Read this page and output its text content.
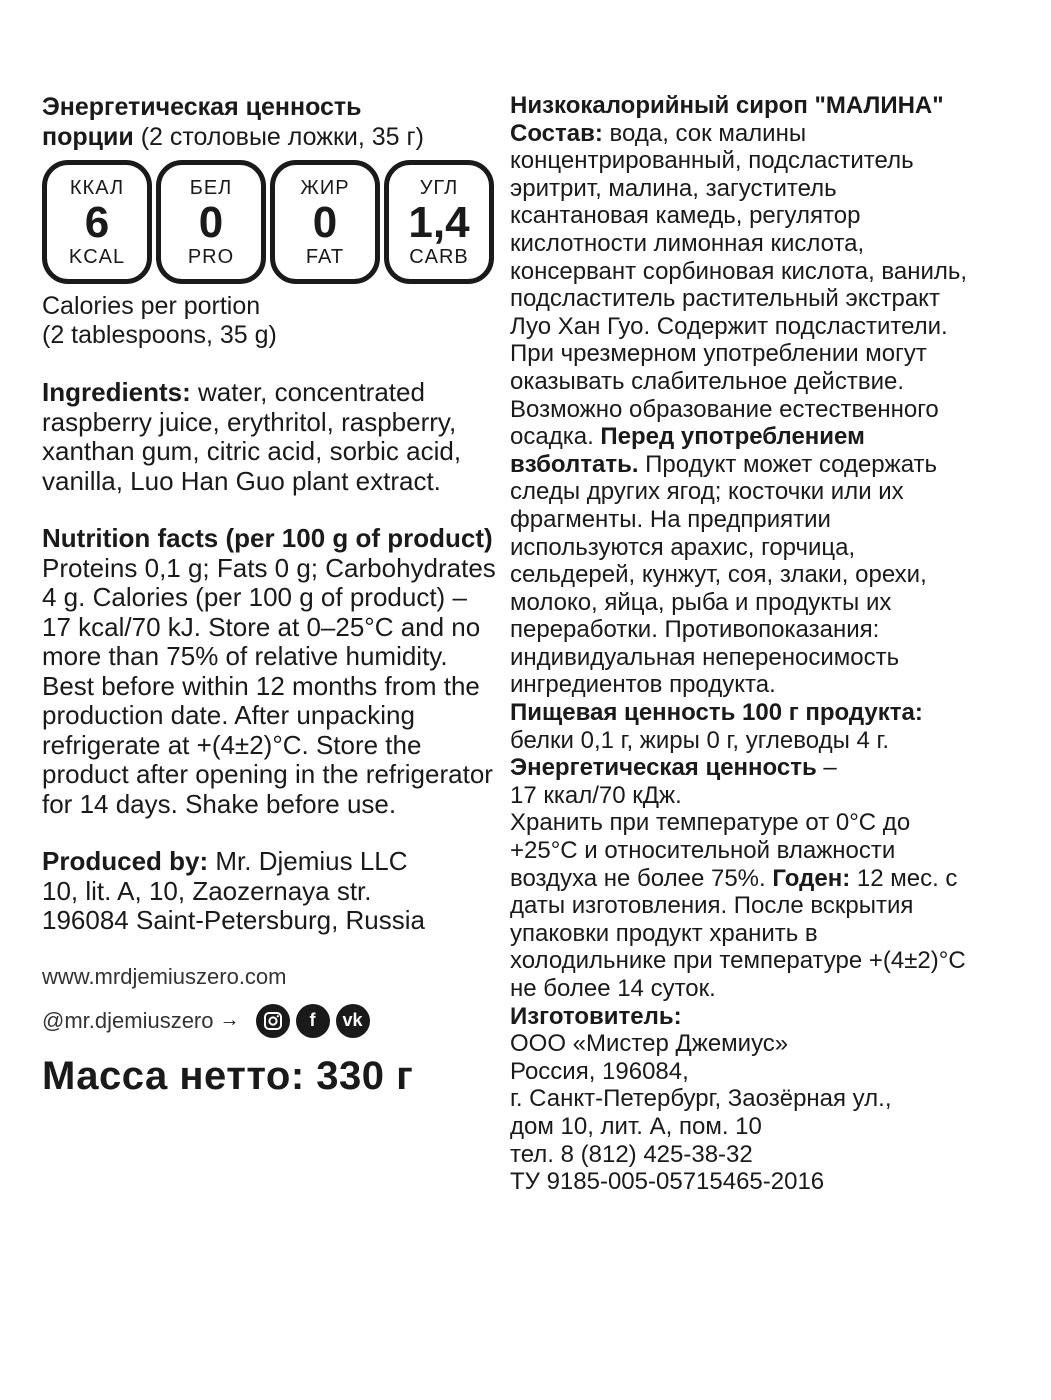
Энергетическая ценность
порции (2 столовые ложки, 35 г)
ККАЛ
6
KCAL
БЕЛ
0
PRO
ЖИР
0
FAT
УГЛ
1,4
CARB
Calories per portion
(2 tablespoons, 35 g)
Ingredients: water, concentrated raspberry juice, erythritol, raspberry, xanthan gum, citric acid, sorbic acid, vanilla, Luo Han Guo plant extract.
Nutrition facts (per 100 g of product)
Proteins 0,1 g; Fats 0 g; Carbohydrates 4 g. Calories (per 100 g of product) – 17 kcal/70 kJ. Store at 0–25°C and no more than 75% of relative humidity. Best before within 12 months from the production date. After unpacking refrigerate at +(4±2)°C. Store the product after opening in the refrigerator for 14 days. Shake before use.
Produced by: Mr. Djemius LLC
10, lit. A, 10, Zaozernaya str.
196084 Saint-Petersburg, Russia
www.mrdjemiuszero.com
@mr.djemiuszero →	f	vk
Масса нетто: 330 г
Низкокалорийный сироп "МАЛИНА"
Состав: вода, сок малины концентрированный, подсластитель эритрит, малина, загуститель ксантановая камедь, регулятор кислотности лимонная кислота, консервант сорбиновая кислота, ваниль, подсластитель растительный экстракт Луо Хан Гуо. Содержит подсластители. При чрезмерном употреблении могут оказывать слабительное действие. Возможно образование естественного осадка. Перед употреблением взболтать. Продукт может содержать следы других ягод; косточки или их фрагменты. На предприятии используются арахис, горчица, сельдерей, кунжут, соя, злаки, орехи, молоко, яйца, рыба и продукты их переработки. Противопоказания: индивидуальная непереносимость ингредиентов продукта.
Пищевая ценность 100 г продукта:
белки 0,1 г, жиры 0 г, углеводы 4 г.
Энергетическая ценность –
17 ккал/70 кДж.
Хранить при температуре от 0°C до +25°C и относительной влажности воздуха не более 75%. Годен: 12 мес. с даты изготовления. После вскрытия упаковки продукт хранить в холодильнике при температуре +(4±2)°C не более 14 суток.
Изготовитель:
ООО «Мистер Джемиус»
Россия, 196084,
г. Санкт-Петербург, Заозёрная ул.,
дом 10, лит. А, пом. 10
тел. 8 (812) 425-38-32
ТУ 9185-005-05715465-2016
